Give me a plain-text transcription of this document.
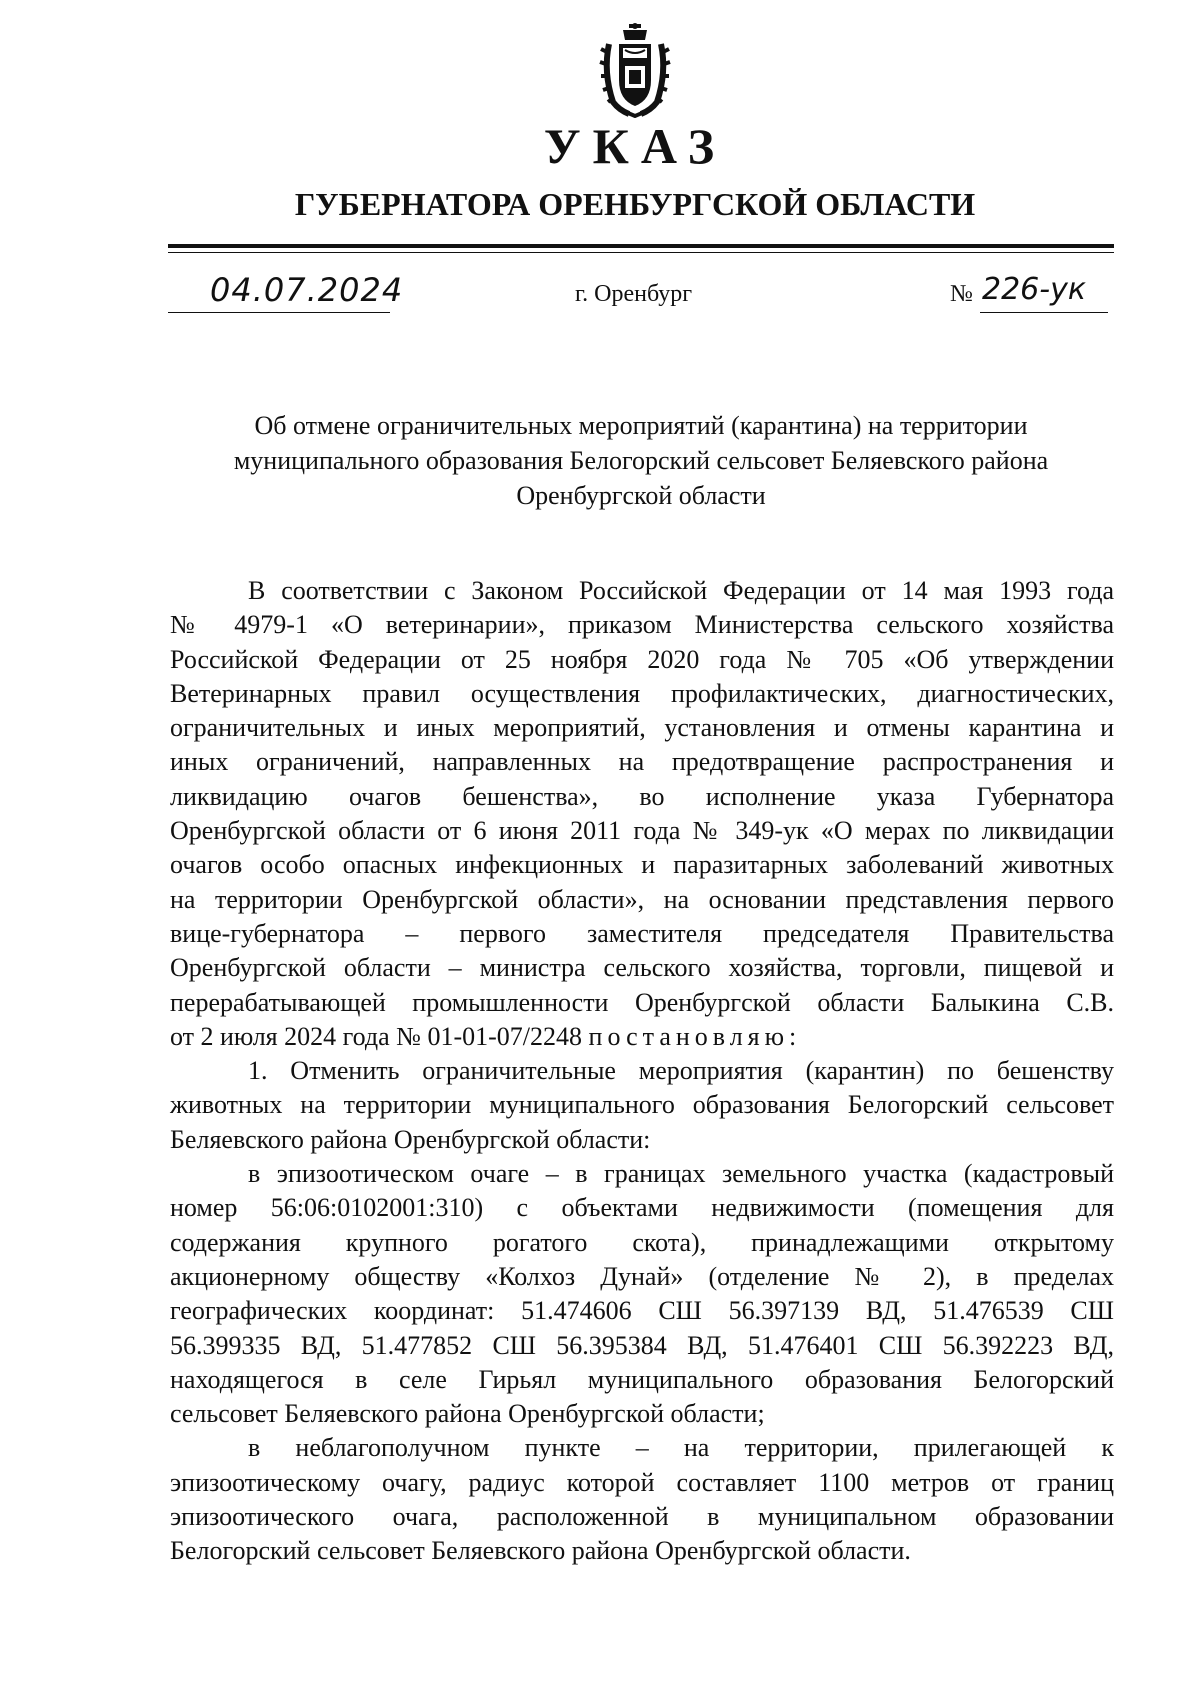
УКАЗ
ГУБЕРНАТОРА ОРЕНБУРГСКОЙ ОБЛАСТИ
04.07.2024	г. Оренбург	№ 226-ук
Об отмене ограничительных мероприятий (карантина) на территории
муниципального образования Белогорский сельсовет Беляевского района
Оренбургской области
В соответствии с Законом Российской Федерации от 14 мая 1993 года
№ 4979-1 «О ветеринарии», приказом Министерства сельского хозяйства
Российской Федерации от 25 ноября 2020 года № 705 «Об утверждении
Ветеринарных правил осуществления профилактических, диагностических,
ограничительных и иных мероприятий, установления и отмены карантина и
иных ограничений, направленных на предотвращение распространения и
ликвидацию очагов бешенства», во исполнение указа Губернатора
Оренбургской области от 6 июня 2011 года № 349-ук «О мерах по ликвидации
очагов особо опасных инфекционных и паразитарных заболеваний животных
на территории Оренбургской области», на основании представления первого
вице-губернатора – первого заместителя председателя Правительства
Оренбургской области – министра сельского хозяйства, торговли, пищевой и
перерабатывающей промышленности Оренбургской области Балыкина С.В.
от 2 июля 2024 года № 01-01-07/2248 постановляю:
1. Отменить ограничительные мероприятия (карантин) по бешенству
животных на территории муниципального образования Белогорский сельсовет
Беляевского района Оренбургской области:
в эпизоотическом очаге – в границах земельного участка (кадастровый
номер 56:06:0102001:310) с объектами недвижимости (помещения для
содержания крупного рогатого скота), принадлежащими открытому
акционерному обществу «Колхоз Дунай» (отделение № 2), в пределах
географических координат: 51.474606 СШ 56.397139 ВД, 51.476539 СШ
56.399335 ВД, 51.477852 СШ 56.395384 ВД, 51.476401 СШ 56.392223 ВД,
находящегося в селе Гирьял муниципального образования Белогорский
сельсовет Беляевского района Оренбургской области;
в неблагополучном пункте – на территории, прилегающей к
эпизоотическому очагу, радиус которой составляет 1100 метров от границ
эпизоотического очага, расположенной в муниципальном образовании
Белогорский сельсовет Беляевского района Оренбургской области.
